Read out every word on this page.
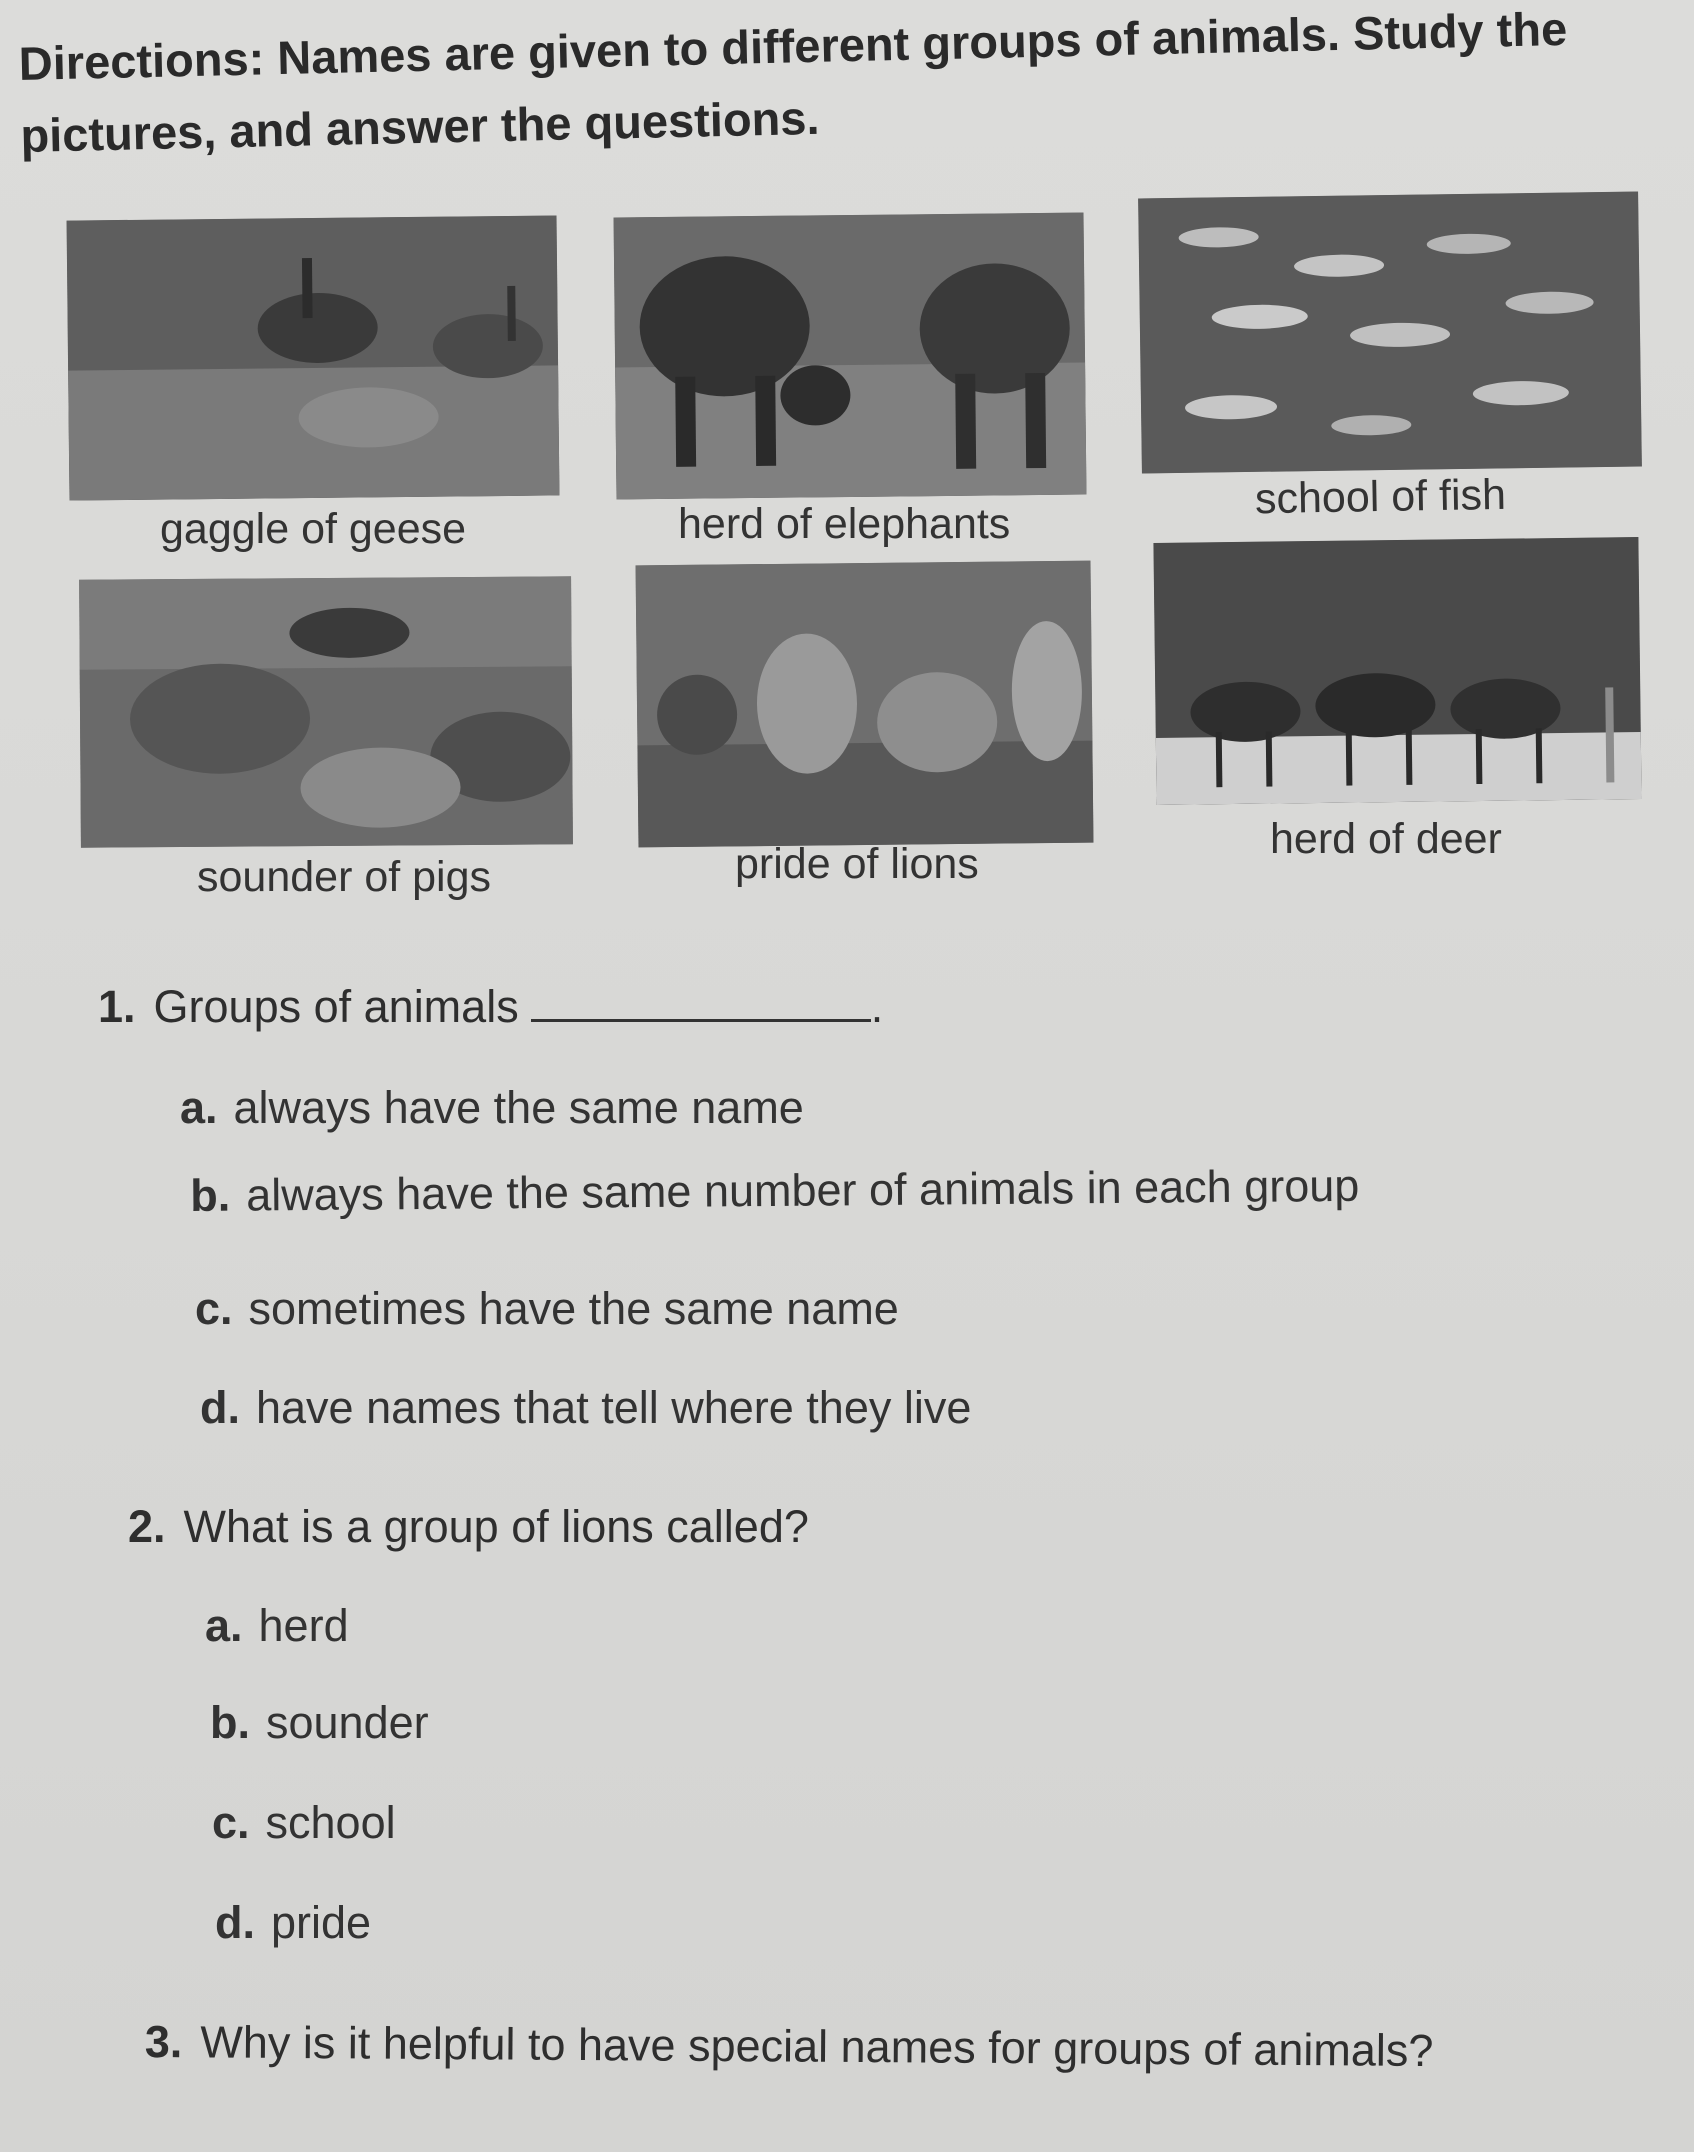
Directions: Names are given to different groups of animals. Study the pictures, and answer the questions.
gaggle of geese	herd of elephants
school of fish
sounder of pigs	pride of lions
herd of deer
1. Groups of animals	.
a. always have the same name
b. always have the same number of animals in each group
c. sometimes have the same name
d. have names that tell where they live
2. What is a group of lions called?
a. herd
b. sounder
c. school
d. pride
3. Why is it helpful to have special names for groups of animals?
